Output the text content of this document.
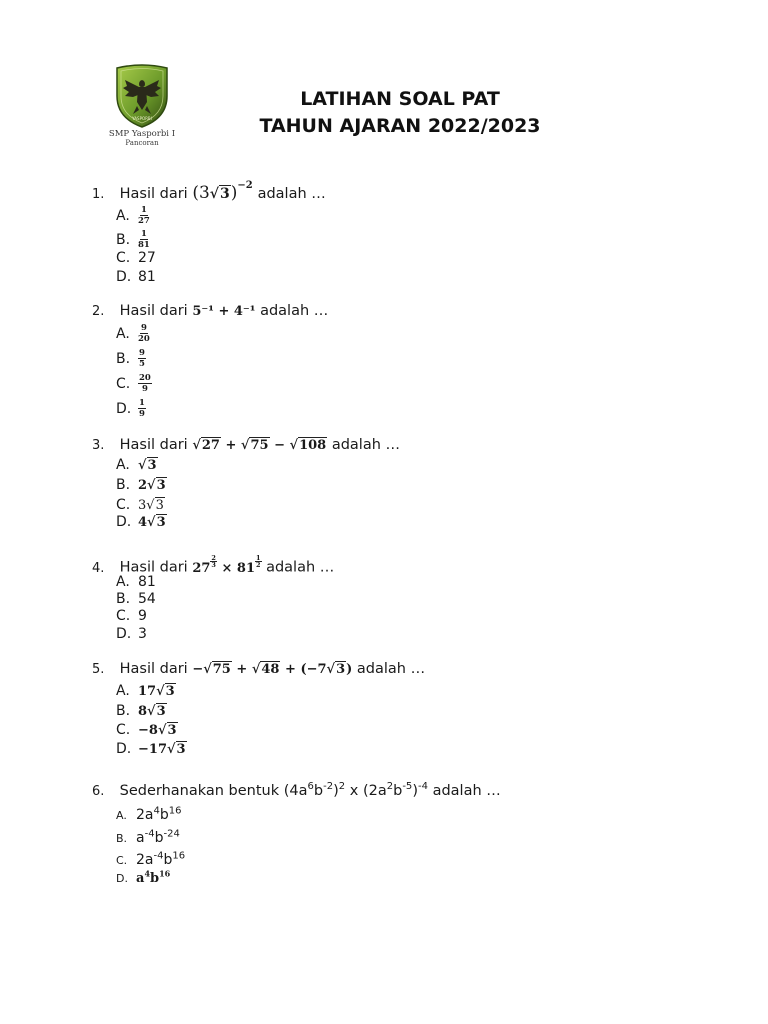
YASPORBI
SMP Yasporbi I
Pancoran
LATIHAN SOAL PAT
TAHUN AJARAN 2022/2023
1. Hasil dari $(3√3)^{-2}$ adalah …
A. $\frac{1}{27}$
B. $\frac{1}{81}$
C. 27
D. 81
2. Hasil dari 5⁻¹ + 4⁻¹ adalah …
A. $\frac{9}{20}$
B. $\frac{9}{5}$
C. $\frac{20}{9}$
D. $\frac{1}{9}$
3. Hasil dari √27 + √75 − √108 adalah …
A. √3
B. 2√3
C. 3√3
D. 4√3
4. Hasil dari 27 $^{\frac{2}{3}}$ × 81 $^{\frac{1}{2}}$ adalah …
A. 81
B. 54
C. 9
D. 3
5. Hasil dari −√75 + √48 + (−7√3) adalah …
A. 17√3
B. 8√3
C. −8√3
D. −17√3
6. Sederhanakan bentuk $(4a^6b^{-2})^2$ x $(2a^2b^{-5})^{-4}$ adalah …
A. $2a^4b^{16}$
B. $a^{-4}b^{-24}$
C. $2a^{-4}b^{16}$
D. $a^4b^{16}$
